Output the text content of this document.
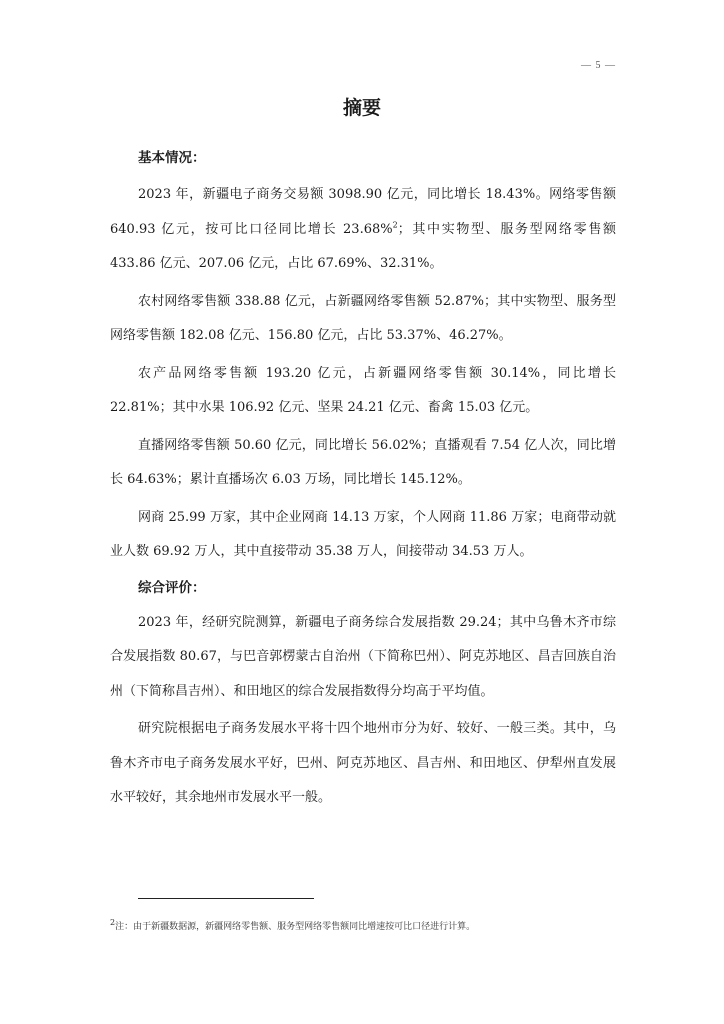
— 5 —
摘要
基本情况：

2023 年，新疆电子商务交易额 3098.90 亿元，同比增长 18.43%。网络零售额 640.93 亿元，按可比口径同比增长 23.68%$^2$；其中实物型、服务型网络零售额 433.86 亿元、207.06 亿元，占比 67.69%、32.31%。

农村网络零售额 338.88 亿元，占新疆网络零售额 52.87%；其中实物型、服务型网络零售额 182.08 亿元、156.80 亿元，占比 53.37%、46.27%。

农产品网络零售额 193.20 亿元，占新疆网络零售额 30.14%，同比增长 22.81%；其中水果 106.92 亿元、坚果 24.21 亿元、畜禽 15.03 亿元。

直播网络零售额 50.60 亿元，同比增长 56.02%；直播观看 7.54 亿人次，同比增长 64.63%；累计直播场次 6.03 万场，同比增长 145.12%。

网商 25.99 万家，其中企业网商 14.13 万家，个人网商 11.86 万家；电商带动就业人数 69.92 万人，其中直接带动 35.38 万人，间接带动 34.53 万人。

综合评价：

2023 年，经研究院测算，新疆电子商务综合发展指数 29.24；其中乌鲁木齐市综合发展指数 80.67，与巴音郭楞蒙古自治州（下简称巴州）、阿克苏地区、昌吉回族自治州（下简称昌吉州）、和田地区的综合发展指数得分均高于平均值。

研究院根据电子商务发展水平将十四个地州市分为好、较好、一般三类。其中，乌鲁木齐市电子商务发展水平好，巴州、阿克苏地区、昌吉州、和田地区、伊犁州直发展水平较好，其余地州市发展水平一般。

$^2$注：由于新疆数据源，新疆网络零售额、服务型网络零售额同比增速按可比口径进行计算。
